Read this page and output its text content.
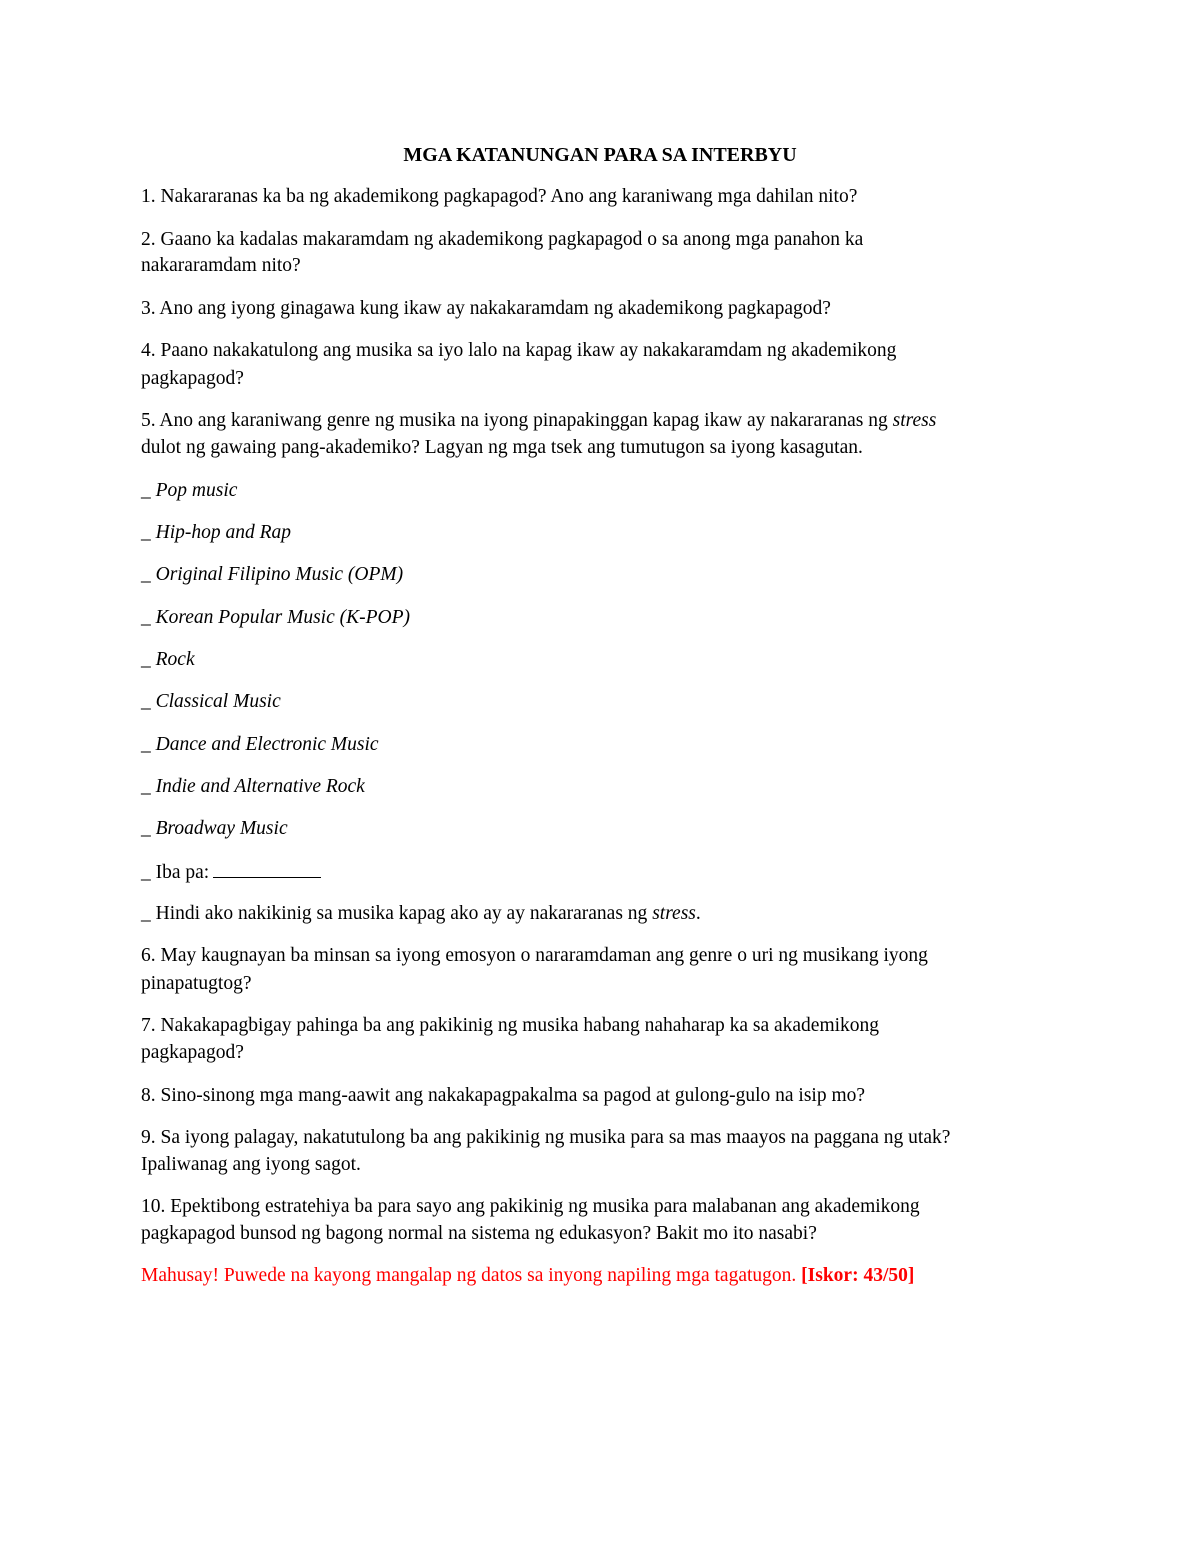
MGA KATANUNGAN PARA SA INTERBYU
1. Nakararanas ka ba ng akademikong pagkapagod? Ano ang karaniwang mga dahilan nito?
2. Gaano ka kadalas makaramdam ng akademikong pagkapagod o sa anong mga panahon ka
nakararamdam nito?
3. Ano ang iyong ginagawa kung ikaw ay nakakaramdam ng akademikong pagkapagod?
4. Paano nakakatulong ang musika sa iyo lalo na kapag ikaw ay nakakaramdam ng akademikong
pagkapagod?
5. Ano ang karaniwang genre ng musika na iyong pinapakinggan kapag ikaw ay nakararanas ng stress
dulot ng gawaing pang-akademiko? Lagyan ng mga tsek ang tumutugon sa iyong kasagutan.
_ Pop music
_ Hip-hop and Rap
_ Original Filipino Music (OPM)
_ Korean Popular Music (K-POP)
_ Rock
_ Classical Music
_ Dance and Electronic Music
_ Indie and Alternative Rock
_ Broadway Music
_ Iba pa:
_ Hindi ako nakikinig sa musika kapag ako ay ay nakararanas ng stress.
6. May kaugnayan ba minsan sa iyong emosyon o nararamdaman ang genre o uri ng musikang iyong
pinapatugtog?
7. Nakakapagbigay pahinga ba ang pakikinig ng musika habang nahaharap ka sa akademikong
pagkapagod?
8. Sino-sinong mga mang-aawit ang nakakapagpakalma sa pagod at gulong-gulo na isip mo?
9. Sa iyong palagay, nakatutulong ba ang pakikinig ng musika para sa mas maayos na paggana ng utak?
Ipaliwanag ang iyong sagot.
10. Epektibong estratehiya ba para sayo ang pakikinig ng musika para malabanan ang akademikong
pagkapagod bunsod ng bagong normal na sistema ng edukasyon? Bakit mo ito nasabi?
Mahusay! Puwede na kayong mangalap ng datos sa inyong napiling mga tagatugon. [Iskor: 43/50]
